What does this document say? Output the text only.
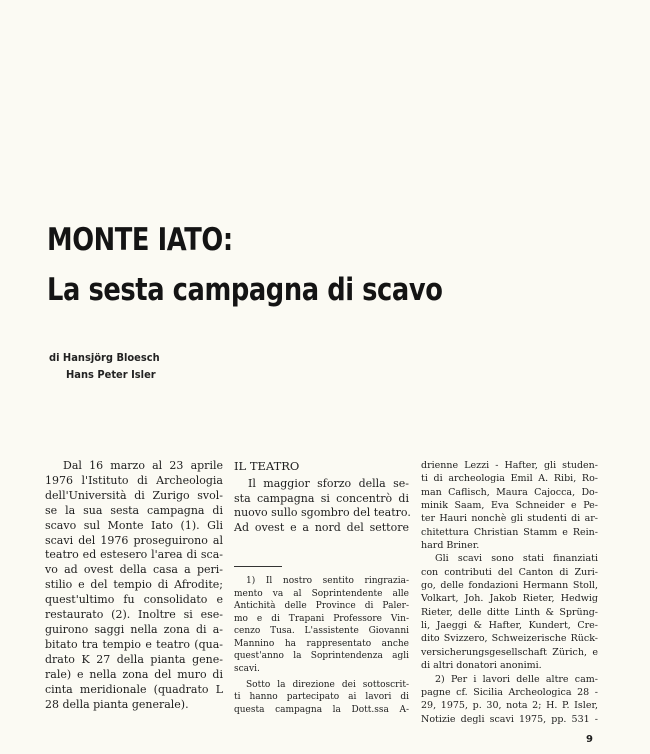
MONTE IATO:
La sesta campagna di scavo

di Hansjörg Bloesch

Hans Peter Isler

Dal 16 marzo al 23 aprile
1976 l'Istituto di Archeologia
dell'Università di Zurigo svol-
se la sua sesta campagna di
scavo sul Monte Iato (1). Gli
scavi del 1976 proseguirono al
teatro ed estesero l'area di sca-
vo ad ovest della casa a peri-
stilio e del tempio di Afrodite;
quest'ultimo fu consolidato e
restaurato (2). Inoltre si ese-
guirono saggi nella zona di a-
bitato tra tempio e teatro (qua-
drato K 27 della pianta gene-
rale) e nella zona del muro di
cinta meridionale (quadrato L
28 della pianta generale).
IL TEATRO
Il maggior sforzo della se-
sta campagna si concentrò di
nuovo sullo sgombro del teatro.
Ad ovest e a nord del settore
1) Il nostro sentito ringrazia-
mento va al Soprintendente alle
Antichità delle Province di Paler-
mo e di Trapani Professore Vin-
cenzo Tusa. L'assistente Giovanni
Mannino ha rappresentato anche
quest'anno la Soprintendenza agli
scavi.
Sotto la direzione dei sottoscrit-
ti hanno partecipato ai lavori di
questa campagna la Dott.ssa A-
drienne Lezzi - Hafter, gli studen-
ti di archeologia Emil A. Ribi, Ro-
man Caflisch, Maura Cajocca, Do-
minik Saam, Eva Schneider e Pe-
ter Hauri nonchè gli studenti di ar-
chitettura Christian Stamm e Rein-
hard Briner.
Gli scavi sono stati finanziati
con contributi del Canton di Zuri-
go, delle fondazioni Hermann Stoll,
Volkart, Joh. Jakob Rieter, Hedwig
Rieter, delle ditte Linth & Sprüng-
li, Jaeggi & Hafter, Kundert, Cre-
dito Svizzero, Schweizerische Rück-
versicherungsgesellschaft Zürich, e
di altri donatori anonimi.
2) Per i lavori delle altre cam-
pagne cf. Sicilia Archeologica 28 -
29, 1975, p. 30, nota 2; H. P. Isler,
Notizie degli scavi 1975, pp. 531 -

9
